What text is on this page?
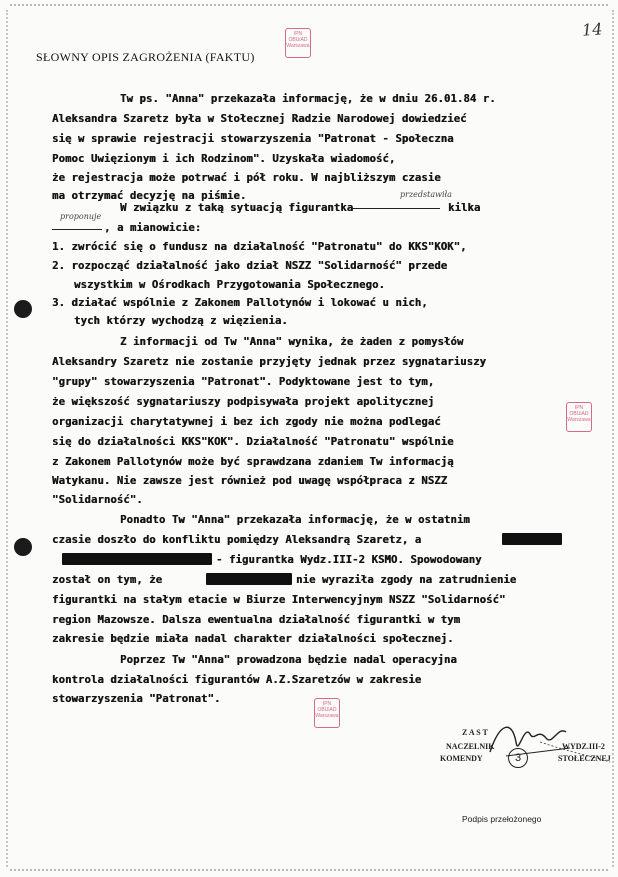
14
SŁOWNY OPIS ZAGROŻENIA (FAKTU)
IPN
OBUiAD
Warszawa
IPN
OBUiAD
Warszawa
IPN
OBUiAD
Warszawa
Tw ps. "Anna" przekazała informację, że w dniu 26.01.84 r.
Aleksandra Szaretz była w Stołecznej Radzie Narodowej dowiedzieć
się w sprawie rejestracji stowarzyszenia "Patronat - Społeczna
Pomoc Uwięzionym i ich Rodzinom". Uzyskała wiadomość,
że rejestracja może potrwać i pół roku. W najbliższym czasie
ma otrzymać decyzję na piśmie.	przedstawiła
W związku z taką sytuacją figurantka	kilka
proponuje
, a mianowicie:
1. zwrócić się o fundusz na działalność "Patronatu" do KKS"KOK",
2. rozpocząć działalność jako dział NSZZ "Solidarność" przede
wszystkim w Ośrodkach Przygotowania Społecznego.
3. działać wspólnie z Zakonem Pallotynów i lokować u nich,
tych którzy wychodzą z więzienia.
Z informacji od Tw "Anna" wynika, że żaden z pomysłów
Aleksandry Szaretz nie zostanie przyjęty jednak przez sygnatariuszy
"grupy" stowarzyszenia "Patronat". Podyktowane jest to tym,
że większość sygnatariuszy podpisywała projekt apolitycznej
organizacji charytatywnej i bez ich zgody nie można podlegać
się do działalności KKS"KOK". Działalność "Patronatu" wspólnie
z Zakonem Pallotynów może być sprawdzana zdaniem Tw informacją
Watykanu. Nie zawsze jest również pod uwagę współpraca z NSZZ
"Solidarność".
Ponadto Tw "Anna" przekazała informację, że w ostatnim
czasie doszło do konfliktu pomiędzy Aleksandrą Szaretz, a
- figurantka Wydz.III-2 KSMO. Spowodowany
został on tym, że	nie wyraziła zgody na zatrudnienie
figurantki na stałym etacie w Biurze Interwencyjnym NSZZ "Solidarność"
region Mazowsze. Dalsza ewentualna działalność figurantki w tym
zakresie będzie miała nadal charakter działalności społecznej.
Poprzez Tw "Anna" prowadzona będzie nadal operacyjna
kontrola działalności figurantów A.Z.Szaretzów w zakresie
stowarzyszenia "Patronat".
Z A S T
NACZELNIK
KOMENDY
WYDZ.III-2
STOŁECZNEJ
3
Podpis przełożonego
